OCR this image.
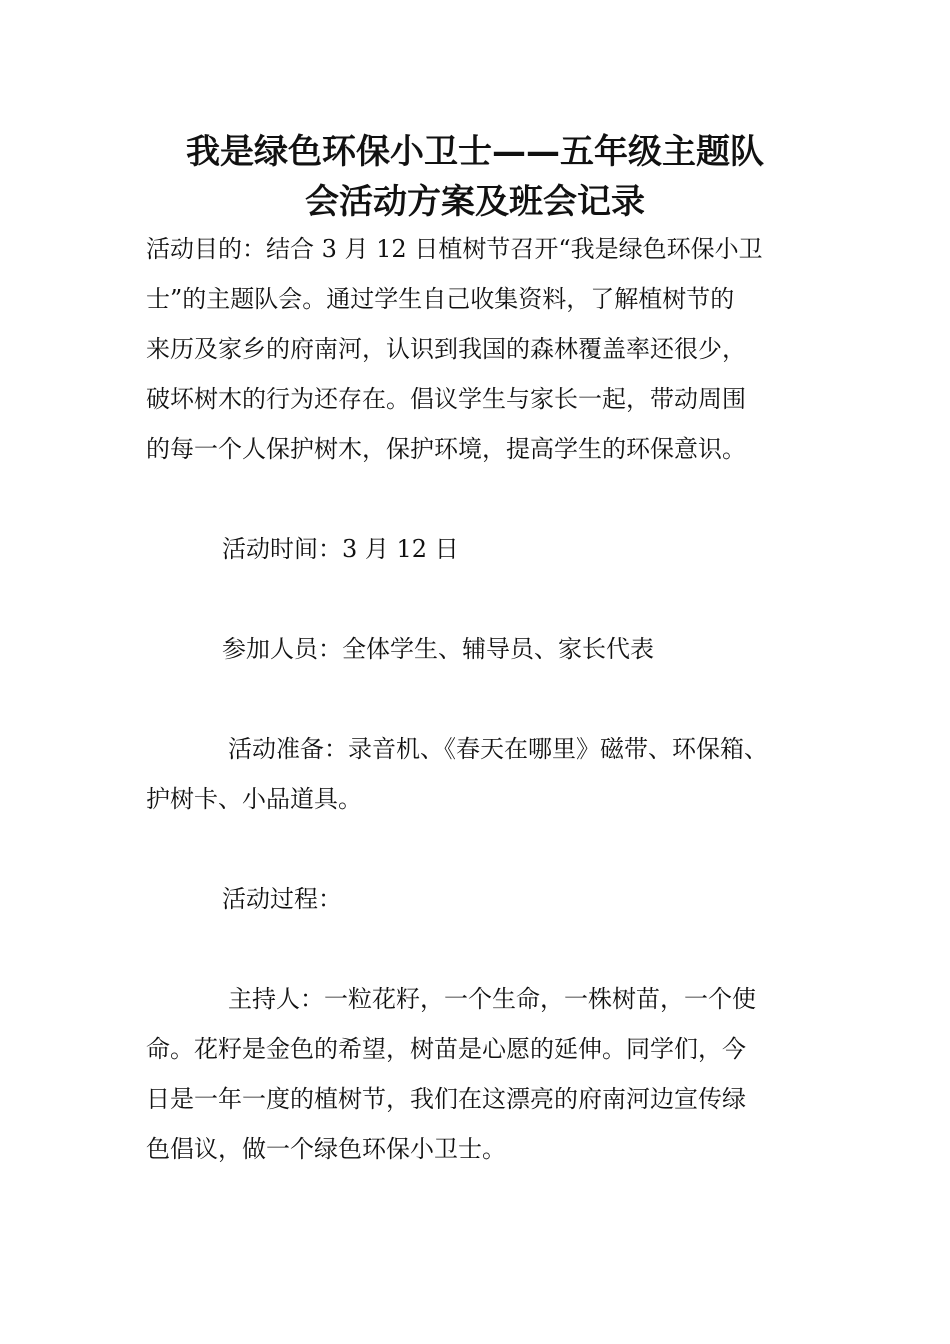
我是绿色环保小卫士——五年级主题队
会活动方案及班会记录
活动目的：结合 3 月 12 日植树节召开“我是绿色环保小卫
士”的主题队会。通过学生自己收集资料，了解植树节的
来历及家乡的府南河，认识到我国的森林覆盖率还很少，
破坏树木的行为还存在。倡议学生与家长一起，带动周围
的每一个人保护树木，保护环境，提高学生的环保意识。
活动时间：3 月 12 日
参加人员：全体学生、辅导员、家长代表
活动准备：录音机、《春天在哪里》磁带、环保箱、
护树卡、小品道具。
活动过程：
主持人：一粒花籽，一个生命，一株树苗，一个使
命。花籽是金色的希望，树苗是心愿的延伸。同学们，今
日是一年一度的植树节，我们在这漂亮的府南河边宣传绿
色倡议，做一个绿色环保小卫士。
